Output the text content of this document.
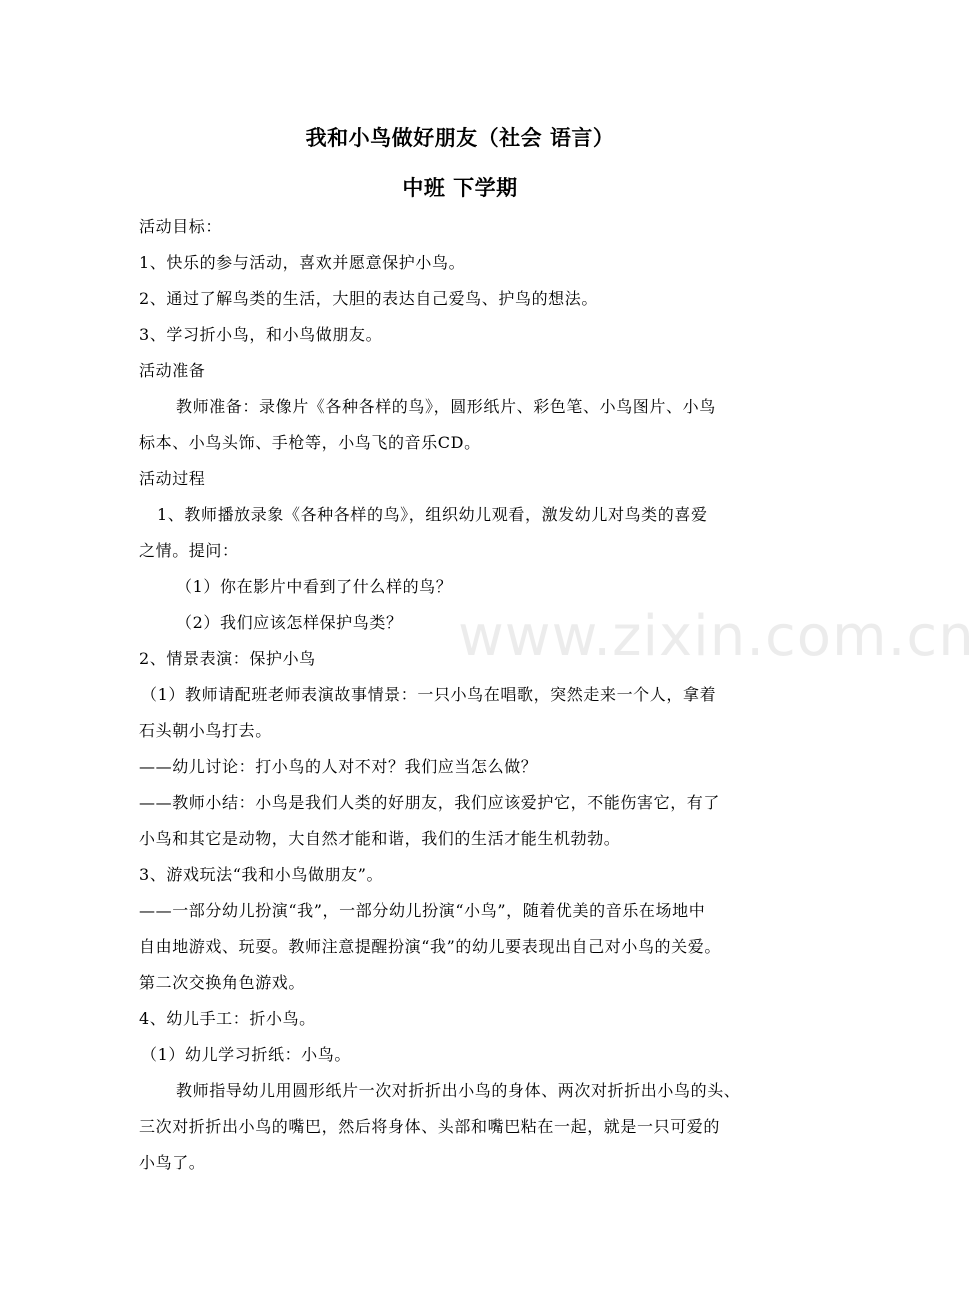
我和小鸟做好朋友（社会 语言）
中班 下学期
活动目标：
1、快乐的参与活动，喜欢并愿意保护小鸟。
2、通过了解鸟类的生活，大胆的表达自己爱鸟、护鸟的想法。
3、学习折小鸟，和小鸟做朋友。
活动准备
教师准备：录像片《各种各样的鸟》，圆形纸片、彩色笔、小鸟图片、小鸟
标本、小鸟头饰、手枪等，小鸟飞的音乐CD。
活动过程
1、教师播放录象《各种各样的鸟》，组织幼儿观看，激发幼儿对鸟类的喜爱
之情。提问：
（1）你在影片中看到了什么样的鸟？
（2）我们应该怎样保护鸟类？
2、情景表演：保护小鸟
（1）教师请配班老师表演故事情景：一只小鸟在唱歌，突然走来一个人，拿着
石头朝小鸟打去。
——幼儿讨论：打小鸟的人对不对？我们应当怎么做？
——教师小结：小鸟是我们人类的好朋友，我们应该爱护它，不能伤害它，有了
小鸟和其它是动物，大自然才能和谐，我们的生活才能生机勃勃。
3、游戏玩法“我和小鸟做朋友”。
——一部分幼儿扮演“我”，一部分幼儿扮演“小鸟”，随着优美的音乐在场地中
自由地游戏、玩耍。教师注意提醒扮演“我”的幼儿要表现出自己对小鸟的关爱。
第二次交换角色游戏。
4、幼儿手工：折小鸟。
（1）幼儿学习折纸：小鸟。
教师指导幼儿用圆形纸片一次对折折出小鸟的身体、两次对折折出小鸟的头、
三次对折折出小鸟的嘴巴，然后将身体、头部和嘴巴粘在一起，就是一只可爱的
小鸟了。
www.zixin.com.cn
